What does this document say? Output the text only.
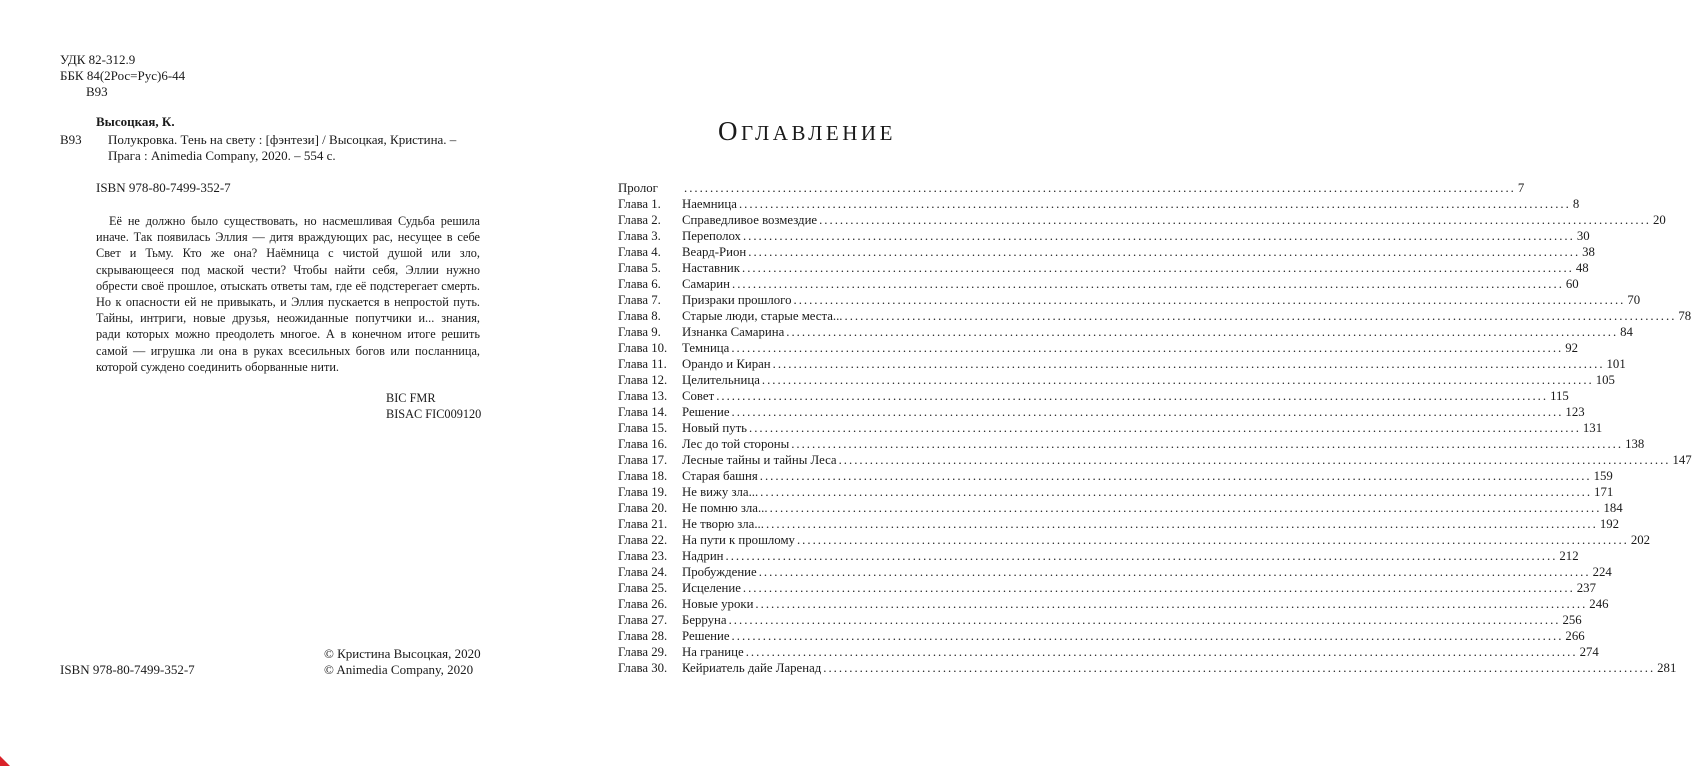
УДК 82-312.9
ББК 84(2Рос=Рус)6-44
В93
Высоцкая, К.
В93 Полукровка. Тень на свету : [фэнтези] / Высоцкая, Кристина. –
Прага : Animedia Company, 2020. – 554 с.
ISBN 978-80-7499-352-7
Её не должно было существовать, но насмешливая Судьба решила иначе. Так появилась Эллия — дитя враждующих рас, несущее в себе Свет и Тьму. Кто же она? Наёмница с чистой душой или зло, скрывающееся под маской чести? Чтобы найти себя, Эллии нужно обрести своё прошлое, отыскать ответы там, где её подстерегает смерть. Но к опасности ей не привыкать, и Эллия пускается в непростой путь. Тайны, интриги, новые друзья, неожиданные попутчики и... знания, ради которых можно преодолеть многое. А в конечном итоге решить самой — игрушка ли она в руках всесильных богов или посланница, которой суждено соединить оборванные нити.
BIC FMR
BISAC FIC009120
© Кристина Высоцкая, 2020
© Animedia Company, 2020
ISBN 978-80-7499-352-7
ОГЛАВЛЕНИЕ
Пролог ................................................................................................................................................................ 7
Глава 1. Наемница ................................................................................................................................................................ 8
Глава 2. Справедливое возмездие ................................................................................................................................................................ 20
Глава 3. Переполох ................................................................................................................................................................ 30
Глава 4. Веард-Рион ................................................................................................................................................................ 38
Глава 5. Наставник ................................................................................................................................................................ 48
Глава 6. Самарин ................................................................................................................................................................ 60
Глава 7. Призраки прошлого ................................................................................................................................................................ 70
Глава 8. Старые люди, старые места... ................................................................................................................................................................ 78
Глава 9. Изнанка Самарина ................................................................................................................................................................ 84
Глава 10. Темница ................................................................................................................................................................ 92
Глава 11. Орандо и Киран ................................................................................................................................................................ 101
Глава 12. Целительница ................................................................................................................................................................ 105
Глава 13. Совет ................................................................................................................................................................ 115
Глава 14. Решение ................................................................................................................................................................ 123
Глава 15. Новый путь ................................................................................................................................................................ 131
Глава 16. Лес до той стороны ................................................................................................................................................................ 138
Глава 17. Лесные тайны и тайны Леса ................................................................................................................................................................ 147
Глава 18. Старая башня ................................................................................................................................................................ 159
Глава 19. Не вижу зла... ................................................................................................................................................................ 171
Глава 20. Не помню зла... ................................................................................................................................................................ 184
Глава 21. Не творю зла... ................................................................................................................................................................ 192
Глава 22. На пути к прошлому ................................................................................................................................................................ 202
Глава 23. Надрин ................................................................................................................................................................ 212
Глава 24. Пробуждение ................................................................................................................................................................ 224
Глава 25. Исцеление ................................................................................................................................................................ 237
Глава 26. Новые уроки ................................................................................................................................................................ 246
Глава 27. Берруна ................................................................................................................................................................ 256
Глава 28. Решение ................................................................................................................................................................ 266
Глава 29. На границе ................................................................................................................................................................ 274
Глава 30. Кейриатель дайе Ларенад ................................................................................................................................................................ 281
